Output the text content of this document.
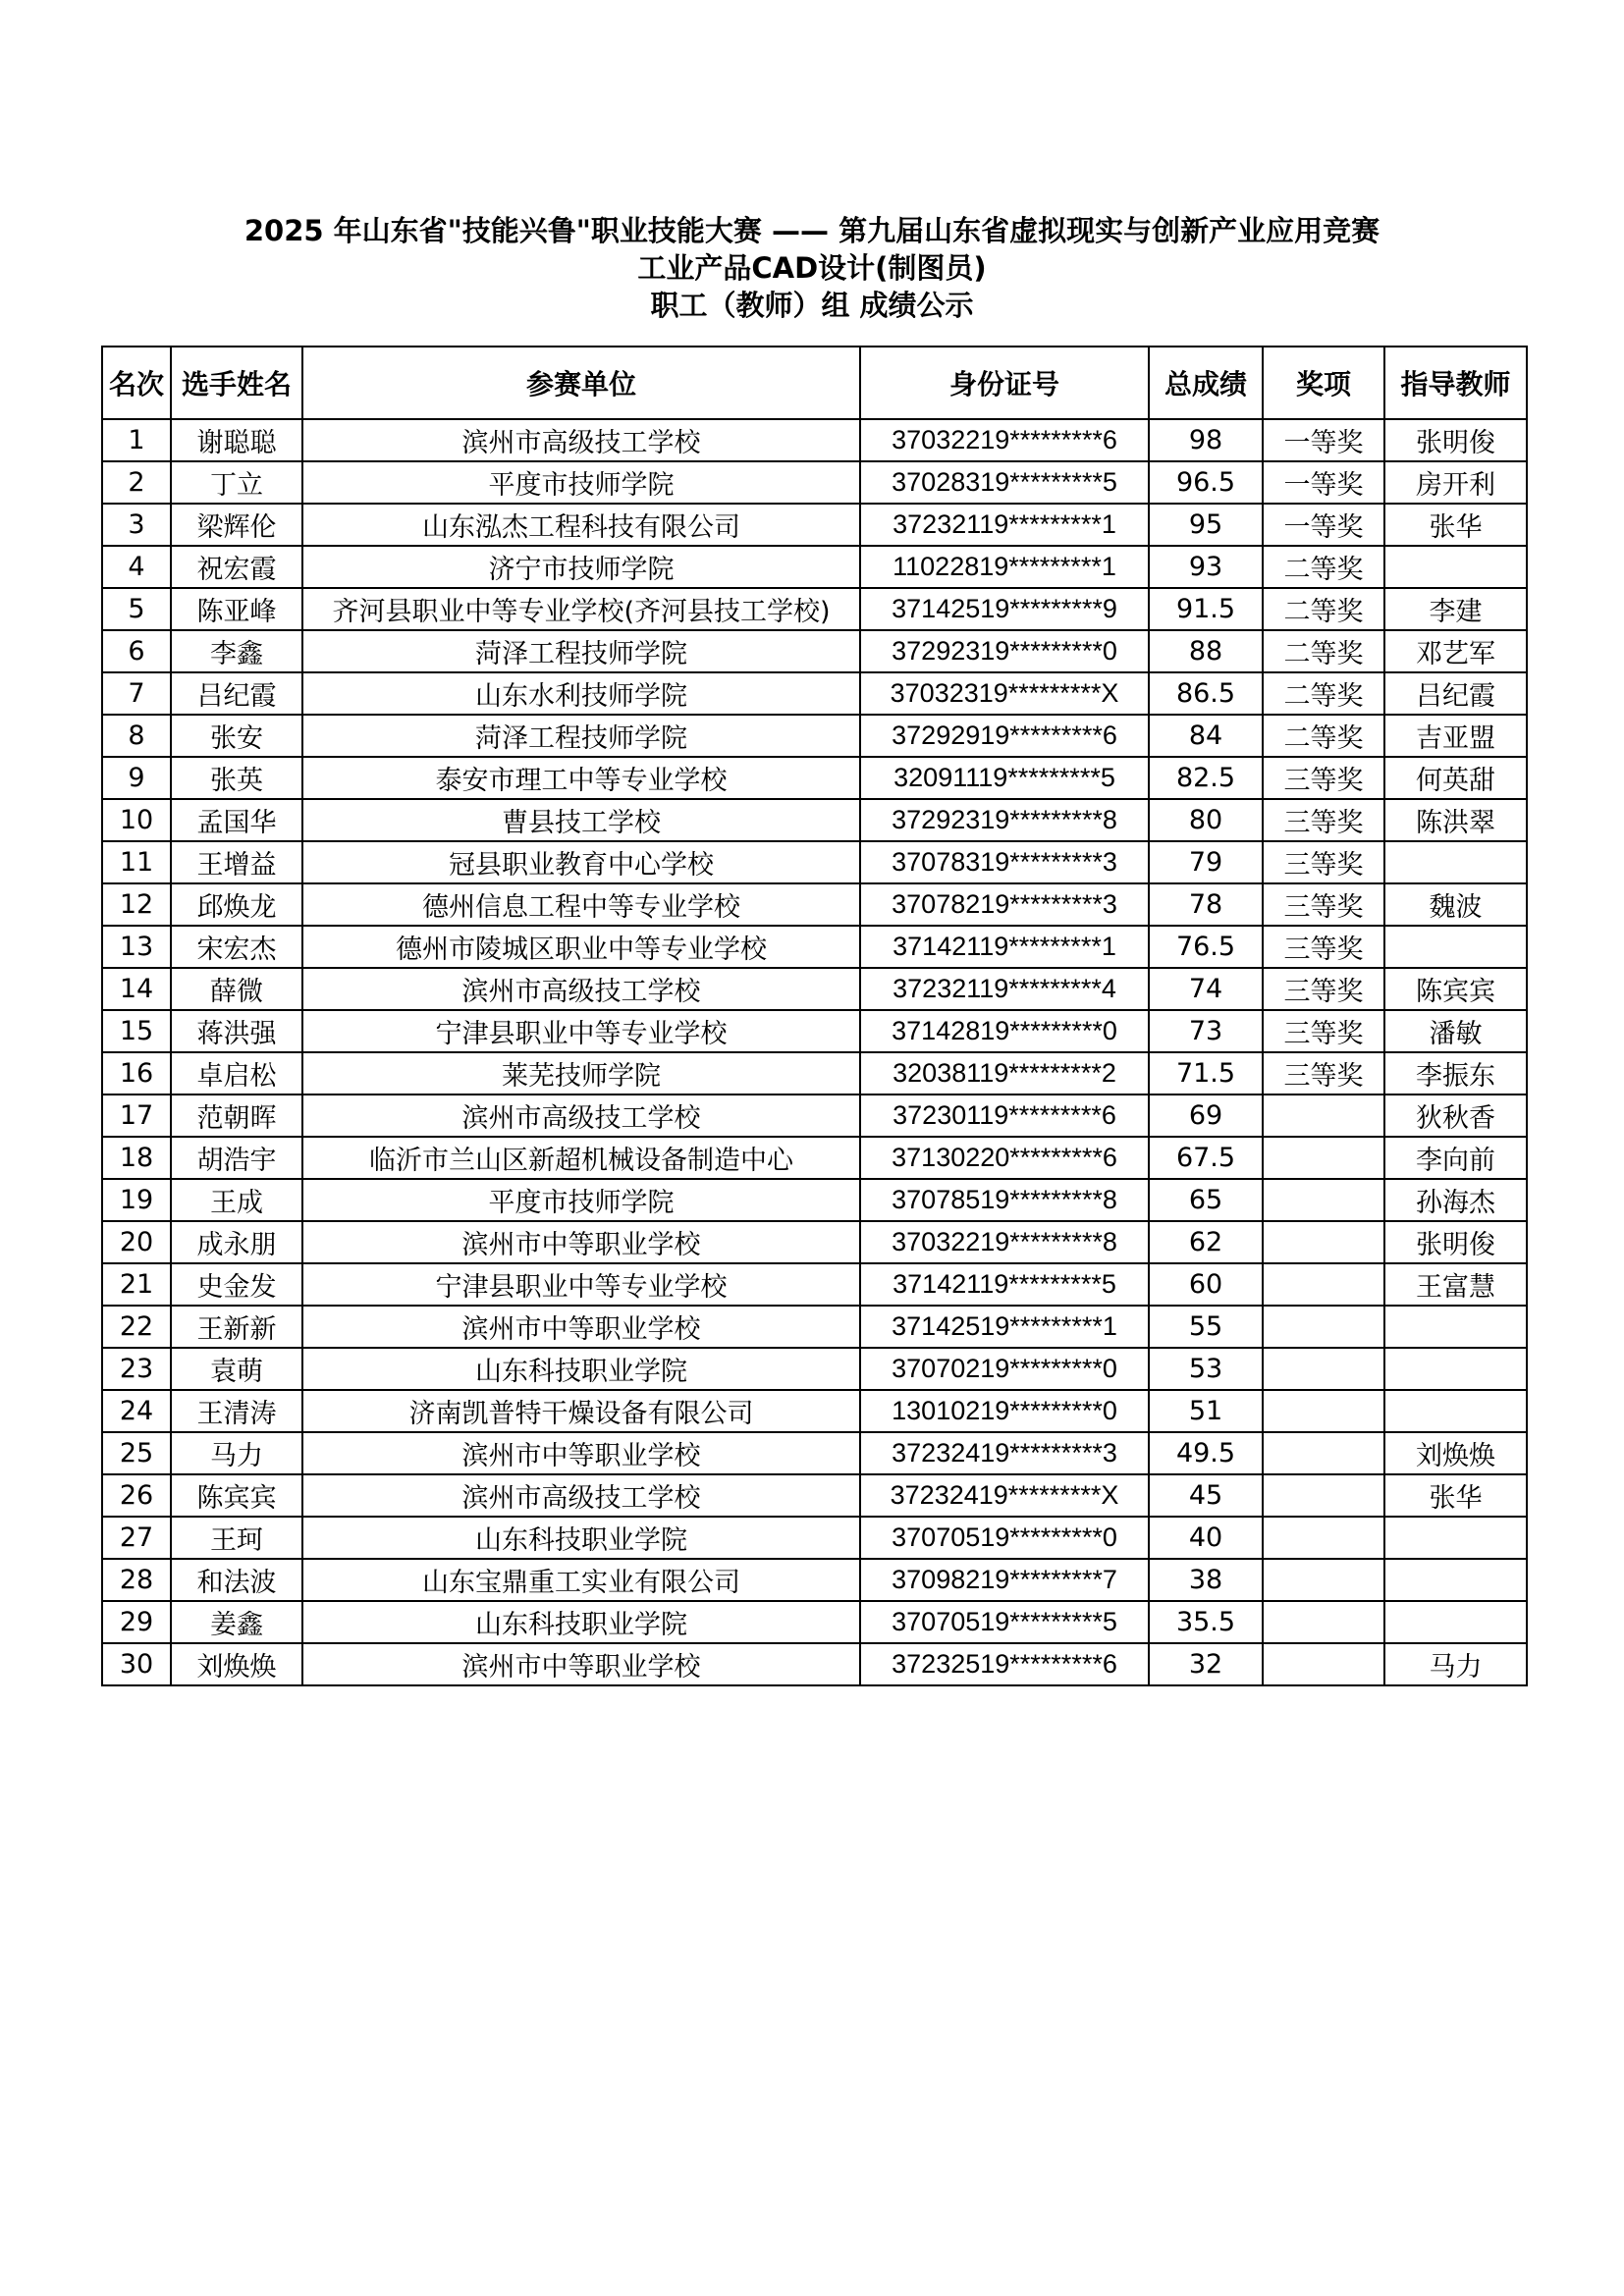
2025 年山东省"技能兴鲁"职业技能大赛 —— 第九届山东省虚拟现实与创新产业应用竞赛
工业产品CAD设计(制图员)
职工（教师）组 成绩公示
名次	选手姓名	参赛单位	身份证号	总成绩	奖项	指导教师
1	谢聪聪	滨州市高级技工学校	37032219*********6	98	一等奖	张明俊
2	丁立	平度市技师学院	37028319*********5	96.5	一等奖	房开利
3	梁辉伦	山东泓杰工程科技有限公司	37232119*********1	95	一等奖	张华
4	祝宏霞	济宁市技师学院	11022819*********1	93	二等奖	
5	陈亚峰	齐河县职业中等专业学校(齐河县技工学校)	37142519*********9	91.5	二等奖	李建
6	李鑫	菏泽工程技师学院	37292319*********0	88	二等奖	邓艺军
7	吕纪霞	山东水利技师学院	37032319*********X	86.5	二等奖	吕纪霞
8	张安	菏泽工程技师学院	37292919*********6	84	二等奖	吉亚盟
9	张英	泰安市理工中等专业学校	32091119*********5	82.5	三等奖	何英甜
10	孟国华	曹县技工学校	37292319*********8	80	三等奖	陈洪翠
11	王增益	冠县职业教育中心学校	37078319*********3	79	三等奖	
12	邱焕龙	德州信息工程中等专业学校	37078219*********3	78	三等奖	魏波
13	宋宏杰	德州市陵城区职业中等专业学校	37142119*********1	76.5	三等奖	
14	薛微	滨州市高级技工学校	37232119*********4	74	三等奖	陈宾宾
15	蒋洪强	宁津县职业中等专业学校	37142819*********0	73	三等奖	潘敏
16	卓启松	莱芜技师学院	32038119*********2	71.5	三等奖	李振东
17	范朝晖	滨州市高级技工学校	37230119*********6	69		狄秋香
18	胡浩宇	临沂市兰山区新超机械设备制造中心	37130220*********6	67.5		李向前
19	王成	平度市技师学院	37078519*********8	65		孙海杰
20	成永朋	滨州市中等职业学校	37032219*********8	62		张明俊
21	史金发	宁津县职业中等专业学校	37142119*********5	60		王富慧
22	王新新	滨州市中等职业学校	37142519*********1	55		
23	袁萌	山东科技职业学院	37070219*********0	53		
24	王清涛	济南凯普特干燥设备有限公司	13010219*********0	51		
25	马力	滨州市中等职业学校	37232419*********3	49.5		刘焕焕
26	陈宾宾	滨州市高级技工学校	37232419*********X	45		张华
27	王珂	山东科技职业学院	37070519*********0	40		
28	和法波	山东宝鼎重工实业有限公司	37098219*********7	38		
29	姜鑫	山东科技职业学院	37070519*********5	35.5		
30	刘焕焕	滨州市中等职业学校	37232519*********6	32		马力
